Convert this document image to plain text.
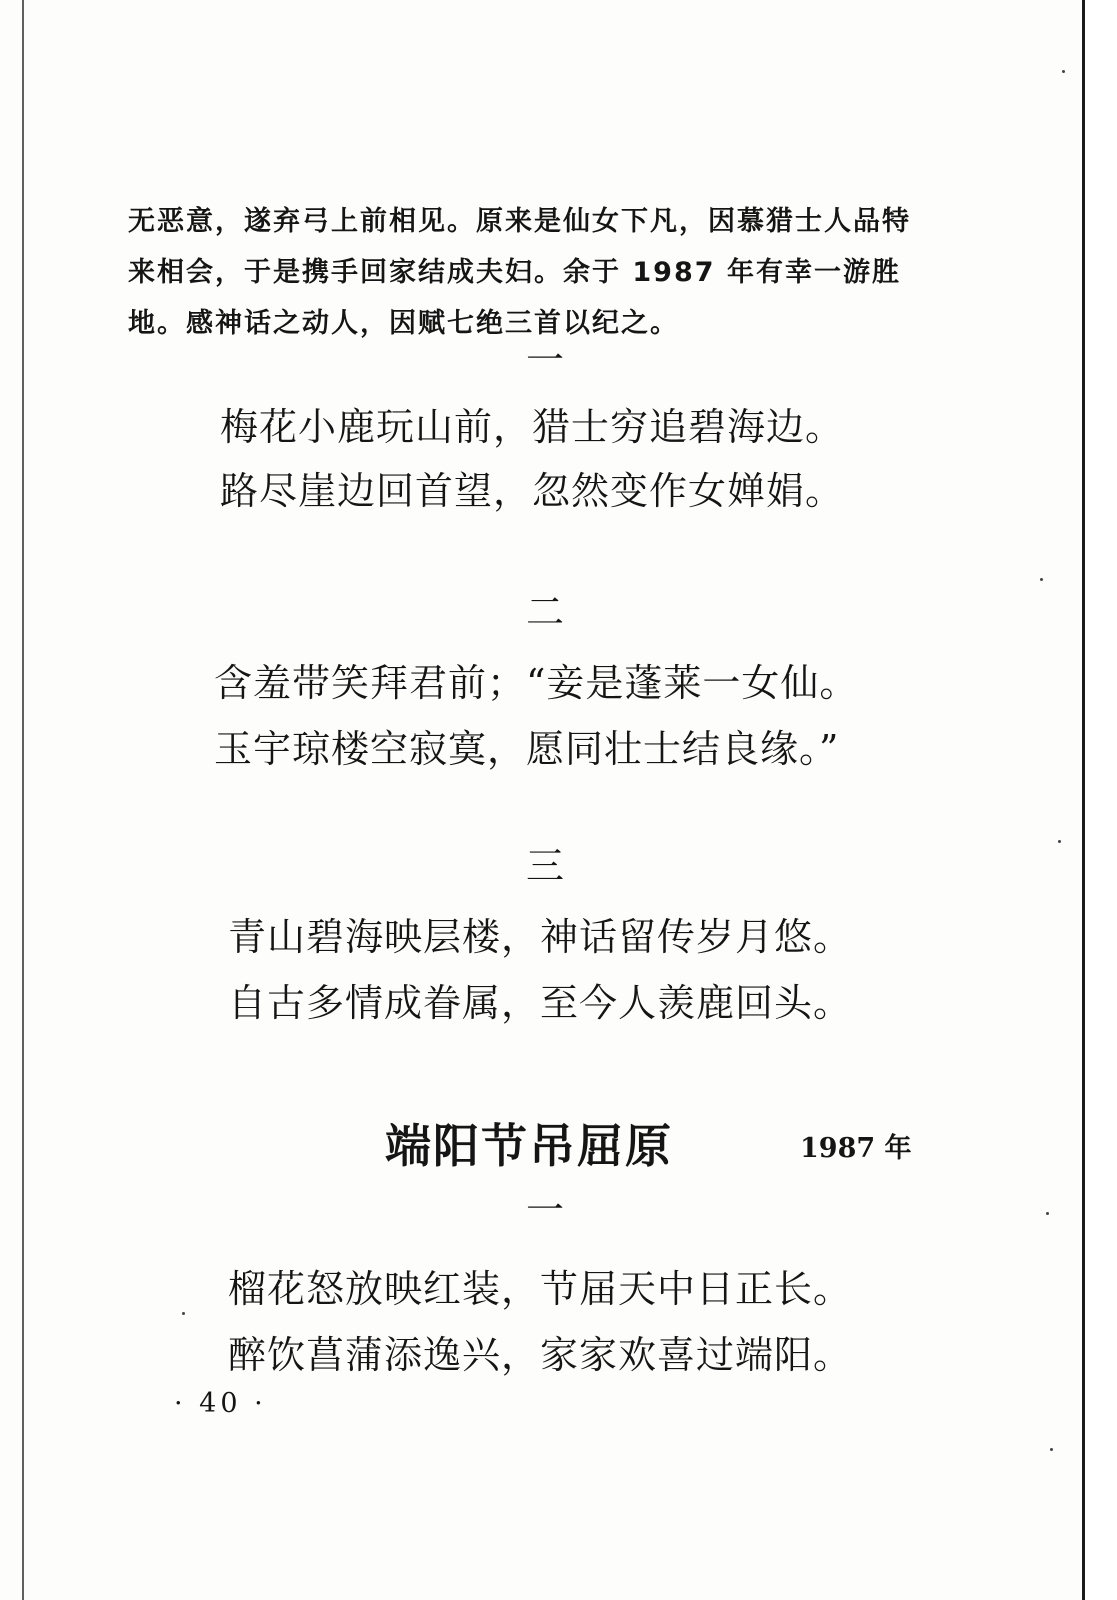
无恶意，遂弃弓上前相见。原来是仙女下凡，因慕猎士人品特
来相会，于是携手回家结成夫妇。余于 1987 年有幸一游胜
地。感神话之动人，因赋七绝三首以纪之。
一
梅花小鹿玩山前，猎士穷追碧海边。
路尽崖边回首望，忽然变作女婵娟。
二
含羞带笑拜君前；“妾是蓬莱一女仙。
玉宇琼楼空寂寞，愿同壮士结良缘。”
三
青山碧海映层楼，神话留传岁月悠。
自古多情成眷属，至今人羡鹿回头。
端阳节吊屈原	1987 年
一
榴花怒放映红装，节届天中日正长。
醉饮菖蒲添逸兴，家家欢喜过端阳。
· 40 ·
